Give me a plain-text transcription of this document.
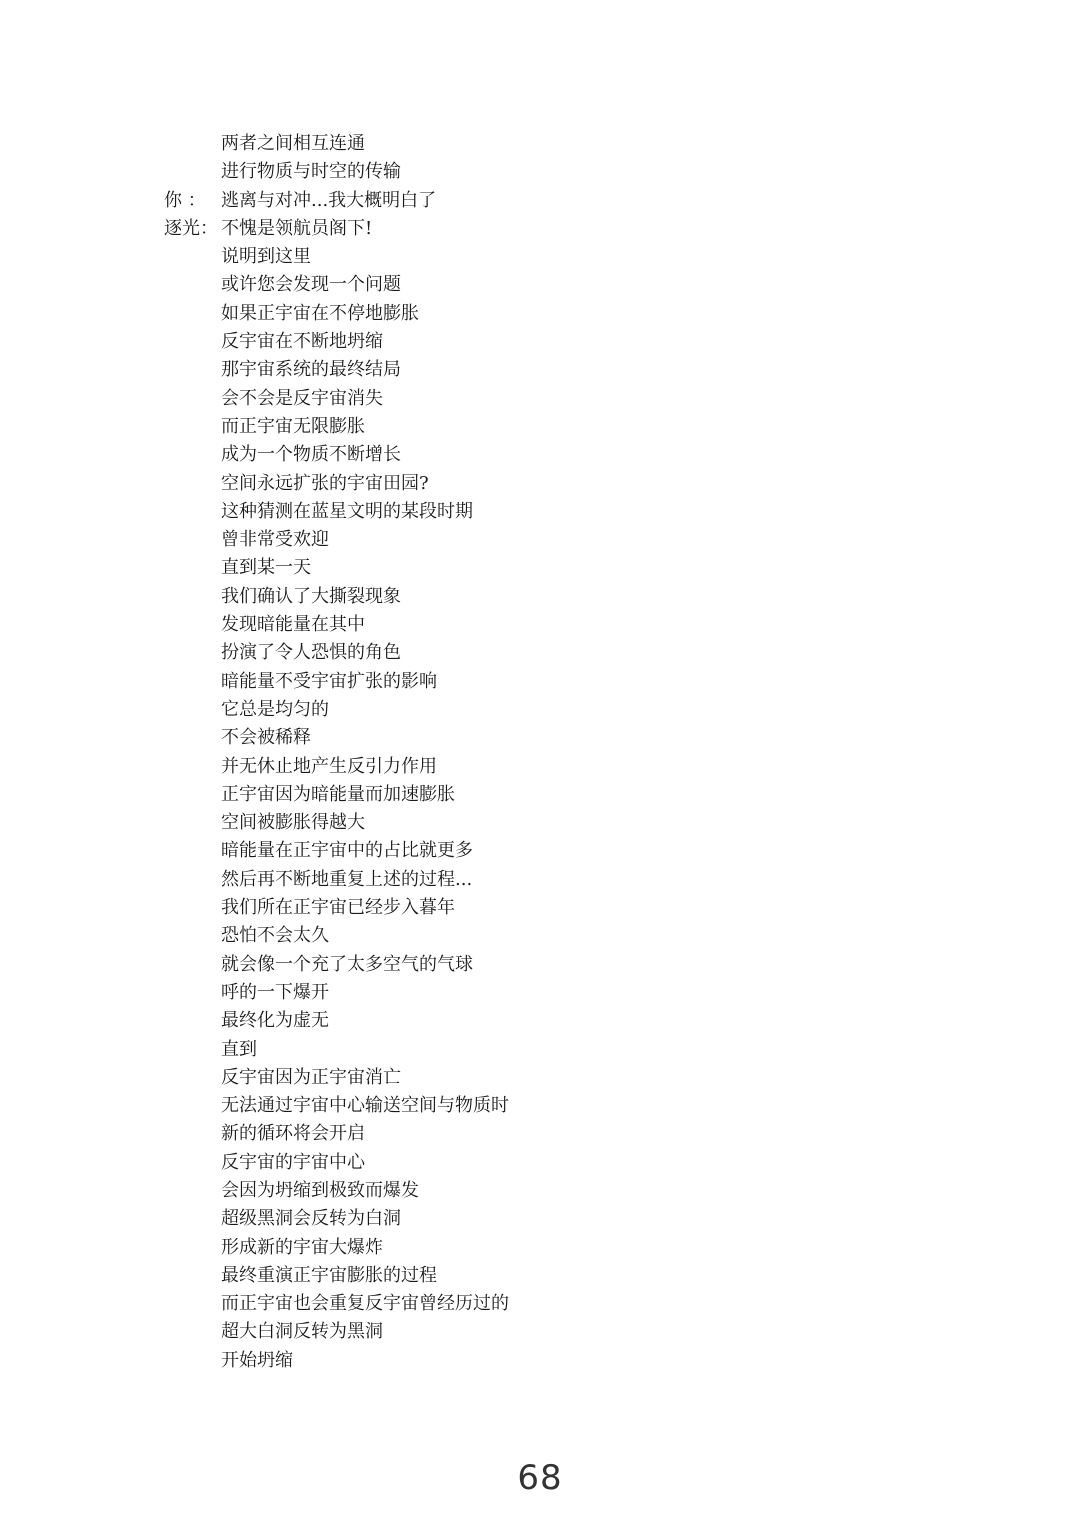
两者之间相互连通
进行物质与时空的传输
你 ： 逃离与对冲...我大概明白了
逐光： 不愧是领航员阁下!
说明到这里
或许您会发现一个问题
如果正宇宙在不停地膨胀
反宇宙在不断地坍缩
那宇宙系统的最终结局
会不会是反宇宙消失
而正宇宙无限膨胀
成为一个物质不断增长
空间永远扩张的宇宙田园?
这种猜测在蓝星文明的某段时期
曾非常受欢迎
直到某一天
我们确认了大撕裂现象
发现暗能量在其中
扮演了令人恐惧的角色
暗能量不受宇宙扩张的影响
它总是均匀的
不会被稀释
并无休止地产生反引力作用
正宇宙因为暗能量而加速膨胀
空间被膨胀得越大
暗能量在正宇宙中的占比就更多
然后再不断地重复上述的过程...
我们所在正宇宙已经步入暮年
恐怕不会太久
就会像一个充了太多空气的气球
呼的一下爆开
最终化为虚无
直到
反宇宙因为正宇宙消亡
无法通过宇宙中心输送空间与物质时
新的循环将会开启
反宇宙的宇宙中心
会因为坍缩到极致而爆发
超级黑洞会反转为白洞
形成新的宇宙大爆炸
最终重演正宇宙膨胀的过程
而正宇宙也会重复反宇宙曾经历过的
超大白洞反转为黑洞
开始坍缩
68
